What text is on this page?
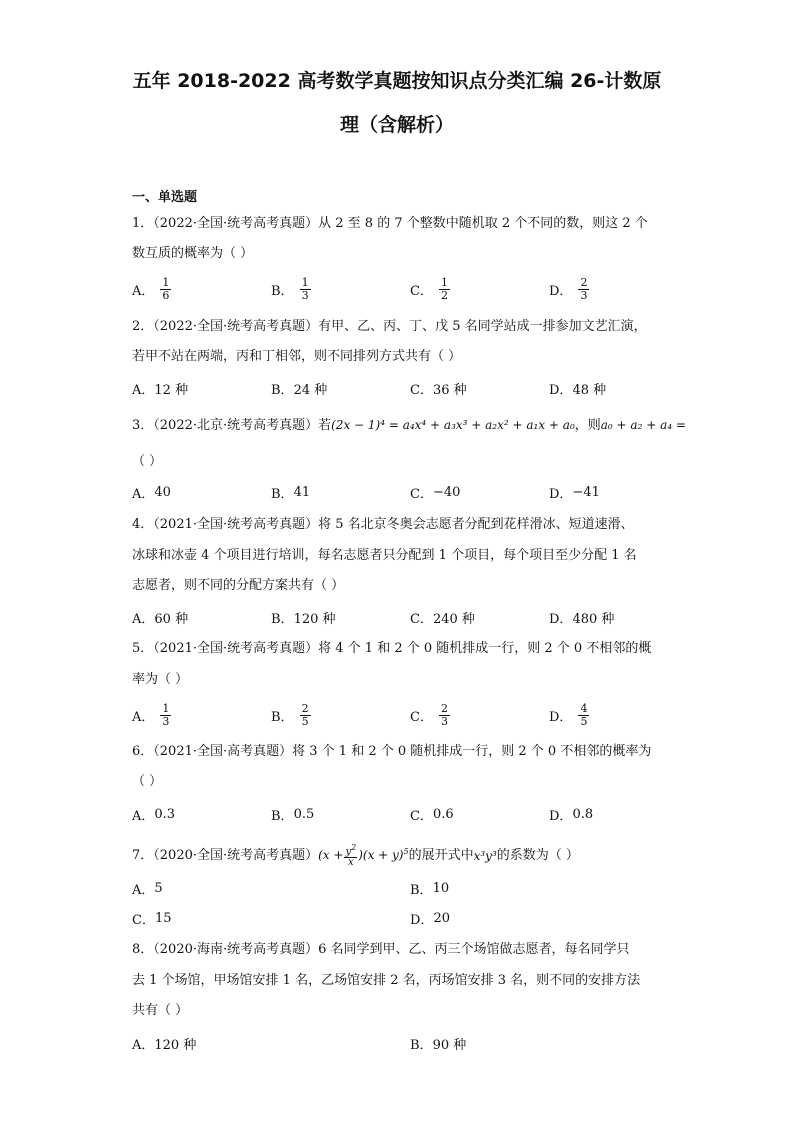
五年 2018-2022 高考数学真题按知识点分类汇编 26-计数原
理（含解析）
一、单选题
1．（2022·全国·统考高考真题）从 2 至 8 的 7 个整数中随机取 2 个不同的数，则这 2 个
数互质的概率为（ ）
A． $\frac{1}{6}$	B． $\frac{1}{3}$	C． $\frac{1}{2}$	D． $\frac{2}{3}$
2．（2022·全国·统考高考真题）有甲、乙、丙、丁、戊 5 名同学站成一排参加文艺汇演，
若甲不站在两端，丙和丁相邻，则不同排列方式共有（ ）
A． 12 种	B． 24 种	C． 36 种	D． 48 种
3．（2022·北京·统考高考真题）若(2x − 1)⁴ = a₄x⁴ + a₃x³ + a₂x² + a₁x + a₀，则a₀ + a₂ + a₄ =
（ ）
A． 40	B． 41	C． −40	D． −41
4．（2021·全国·统考高考真题）将 5 名北京冬奥会志愿者分配到花样滑冰、短道速滑、
冰球和冰壶 4 个项目进行培训，每名志愿者只分配到 1 个项目，每个项目至少分配 1 名
志愿者，则不同的分配方案共有（ ）
A． 60 种	B． 120 种	C． 240 种	D． 480 种
5．（2021·全国·统考高考真题）将 4 个 1 和 2 个 0 随机排成一行，则 2 个 0 不相邻的概
率为（ ）
A． $\frac{1}{3}$	B． $\frac{2}{5}$	C． $\frac{2}{3}$	D． $\frac{4}{5}$
6．（2021·全国·高考真题）将 3 个 1 和 2 个 0 随机排成一行，则 2 个 0 不相邻的概率为
（ ）
A． 0.3	B． 0.5	C． 0.6	D． 0.8
7．（2020·全国·统考高考真题） $(x + \frac{y^2}{x} )(x + y)^5$ 的展开式中 x³y³ 的系数为（ ）
A． 5	B． 10
C． 15	D． 20
8．（2020·海南·统考高考真题）6 名同学到甲、乙、丙三个场馆做志愿者，每名同学只
去 1 个场馆，甲场馆安排 1 名，乙场馆安排 2 名，丙场馆安排 3 名，则不同的安排方法
共有（ ）
A． 120 种	B． 90 种
